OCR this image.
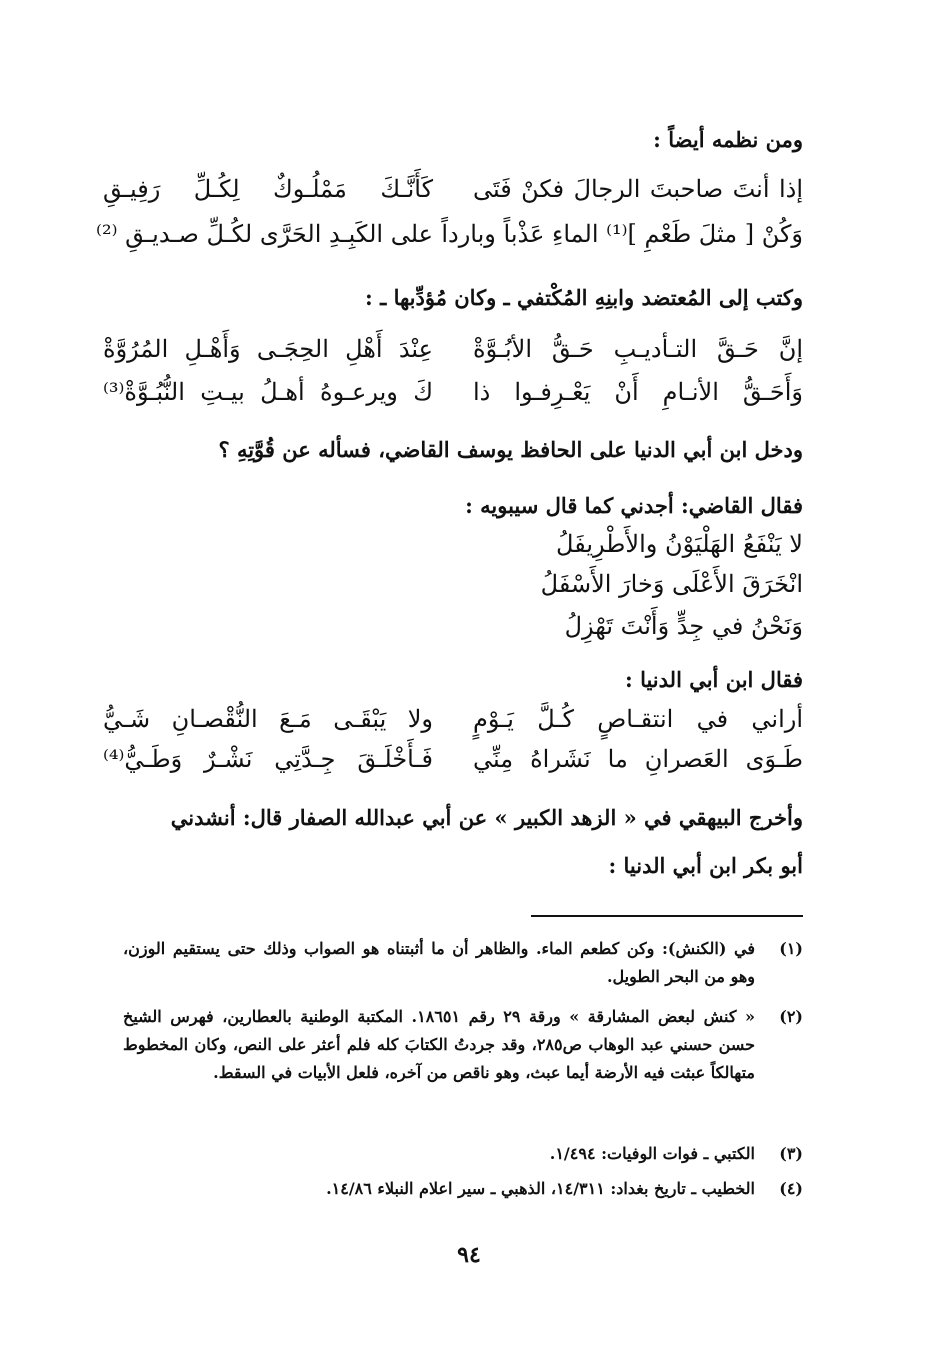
ومن نظمه أيضاً :
إذا أنتَ صاحبتَ الرجالَ فكنْ فَتَى
كَأَنَّـكَ مَمْلُـوكٌ لِكُـلِّ رَفِيـقِ
وَكُنْ [ مثلَ طَعْمِ ]⁽¹⁾ الماءِ عَذْباً وبارداً
على الكَبِـدِ الحَرَّى لكُـلِّ صـديـقِ ⁽²⁾
وكتب إلى المُعتضد وابنِهِ المُكْتفي ـ وكان مُؤدِّبها ـ :
إنَّ حَـقَّ التـأديـبِ حَـقُّ الأبُـوَّةْ
عِنْدَ أَهْلِ الحِجَـى وَأَهْـلِ المُرُوَّةْ
وَأَحَـقُّ الأنـامِ أَنْ يَعْـرِفـوا ذا
كَ ويرعـوهُ أهـلُ بيـتِ النُّبُـوَّةْ⁽³⁾
ودخل ابن أبي الدنيا على الحافظ يوسف القاضي، فسأله عن قُوَّتِهِ ؟
فقال القاضي: أجدني كما قال سيبويه :
لا يَنْفَعُ الهَلْيَوْنُ والأَطْرِيفَلُ
انْخَرَقَ الأَعْلَى وَخارَ الأَسْفَلُ
وَنَحْنُ في جِدٍّ وَأَنْتَ تَهْزِلُ
فقال ابن أبي الدنيا :
أراني في انتقـاصٍ كُـلَّ يَـوْمٍ
ولا يَبْقَـى مَـعَ النُّقْصـانِ شَـيُّ
طَـوَى العَصرانِ ما نَشَراهُ مِنِّي
فَـأَخْلَـقَ جِـدَّتِي نَشْـرٌ وَطَـيُّ⁽⁴⁾
وأخرج البيهقي في « الزهد الكبير » عن أبي عبدالله الصفار قال: أنشدني
أبو بكر ابن أبي الدنيا :
(١)
في (الكنش): وكن كطعم الماء. والظاهر أن ما أثبتناه هو الصواب وذلك حتى يستقيم الوزن، وهو من البحر الطويل.
(٢)
« كنش لبعض المشارقة » ورقة ٢٩ رقم ١٨٦٥١. المكتبة الوطنية بالعطارين، فهرس الشيخ حسن حسني عبد الوهاب ص٢٨٥، وقد جردتُ الكتابَ كله فلم أعثر على النص، وكان المخطوط متهالكاً عبثت فيه الأرضة أيما عبث، وهو ناقص من آخره، فلعل الأبيات في السقط.
(٣)
الكتبي ـ فوات الوفيات: ١/٤٩٤.
(٤)
الخطيب ـ تاريخ بغداد: ١٤/٣١١، الذهبي ـ سير اعلام النبلاء ١٤/٨٦.
٩٤
